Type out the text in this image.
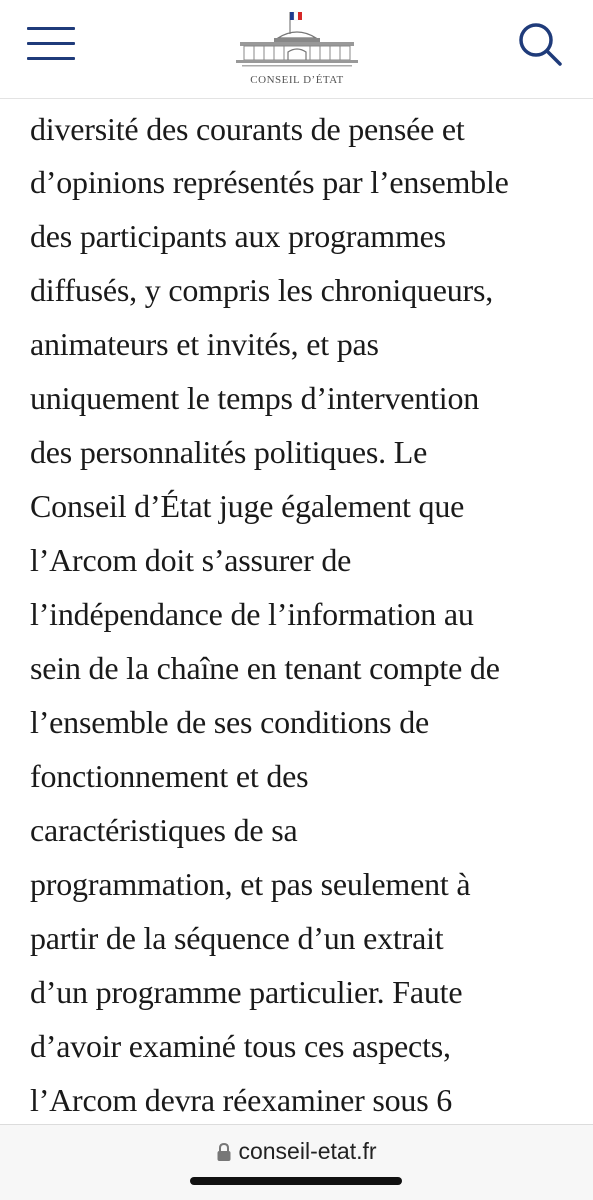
CONSEIL D’ÉTAT
diversité des courants de pensée et
d’opinions représentés par l’ensemble
des participants aux programmes
diffusés, y compris les chroniqueurs,
animateurs et invités, et pas
uniquement le temps d’intervention
des personnalités politiques. Le
Conseil d’État juge également que
l’Arcom doit s’assurer de
l’indépendance de l’information au
sein de la chaîne en tenant compte de
l’ensemble de ses conditions de
fonctionnement et des
caractéristiques de sa
programmation, et pas seulement à
partir de la séquence d’un extrait
d’un programme particulier. Faute
d’avoir examiné tous ces aspects,
l’Arcom devra réexaminer sous 6
conseil-etat.fr
